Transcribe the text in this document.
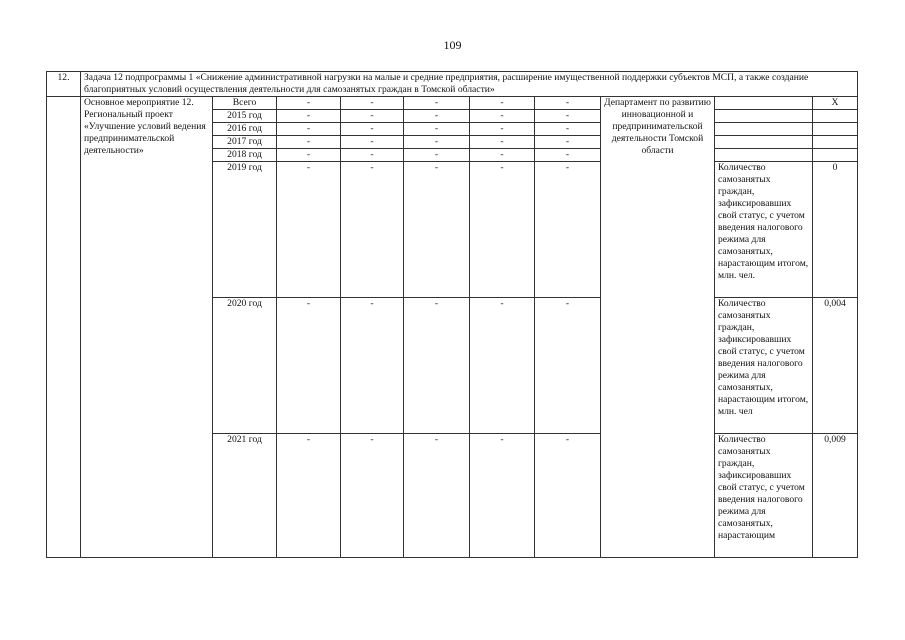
109
12.	Задача 12 подпрограммы 1 «Снижение административной нагрузки на малые и средние предприятия, расширение имущественной поддержки субъектов МСП, а также создание благоприятных условий осуществления деятельности для самозанятых граждан в Томской области»									
	Основное мероприятие 12. Региональный проект «Улучшение условий ведения предпринимательской деятельности»	Всего	-	-	-	-	-	Департамент по развитию инновационной и предпринимательской деятельности Томской области		X
		2015 год	-	-	-	-	-			
		2016 год	-	-	-	-	-			
		2017 год	-	-	-	-	-			
		2018 год	-	-	-	-	-			
		2019 год	-	-	-	-	-		Количество самозанятых граждан, зафиксировавших свой статус, с учетом введения налогового режима для самозанятых, нарастающим итогом, млн. чел.	0
		2020 год	-	-	-	-	-		Количество самозанятых граждан, зафиксировавших свой статус, с учетом введения налогового режима для самозанятых, нарастающим итогом, млн. чел	0,004
		2021 год	-	-	-	-	-		Количество самозанятых граждан, зафиксировавших свой статус, с учетом введения налогового режима для самозанятых, нарастающим	0,009
